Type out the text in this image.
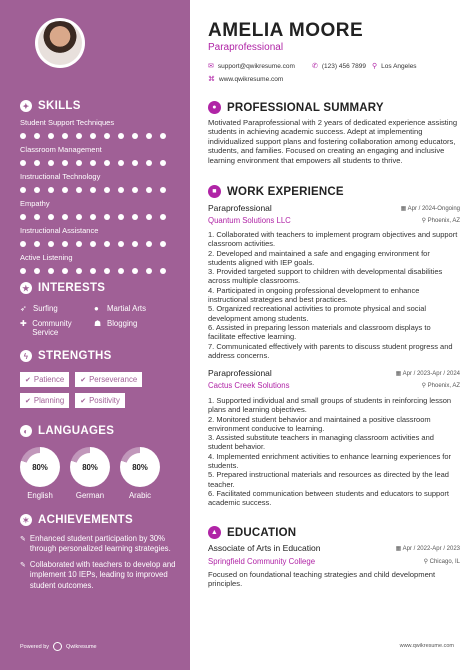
✦ SKILLS
Student Support Techniques
Classroom Management
Instructional Technology
Empathy
Instructional Assistance
Active Listening
★ INTERESTS
➶ Surfing	●	Martial Arts
✚ Community Service
☗ Blogging
ϟ STRENGTHS
✔ Patience ✔ Perseverance
✔ Planning ✔ Positivity
◐ LANGUAGES
80%
English
80%
German
80%
Arabic
✶ ACHIEVEMENTS
✎ Enhanced student participation by 30% through personalized learning strategies.
✎ Collaborated with teachers to develop and implement 10 IEPs, leading to improved student outcomes.
Powered by	Qwikresume
AMELIA MOORE
Paraprofessional
✉ support@qwikresume.com ✆ (123) 456 7899 ⚲ Los Angeles
⌘ www.qwikresume.com
● PROFESSIONAL SUMMARY
Motivated Paraprofessional with 2 years of dedicated experience assisting students in achieving academic success. Adept at implementing individualized support plans and fostering collaboration among educators, students, and families. Focused on creating an engaging and inclusive learning environment that empowers all students to thrive.
■ WORK EXPERIENCE
Paraprofessional	▦ Apr / 2024-Ongoing
Quantum Solutions LLC	⚲ Phoenix, AZ
1. Collaborated with teachers to implement program objectives and support classroom activities.
2. Developed and maintained a safe and engaging environment for students aligned with IEP goals.
3. Provided targeted support to children with developmental disabilities across multiple classrooms.
4. Participated in ongoing professional development to enhance instructional strategies and best practices.
5. Organized recreational activities to promote physical and social development among students.
6. Assisted in preparing lesson materials and classroom displays to facilitate effective learning.
7. Communicated effectively with parents to discuss student progress and address concerns.
Paraprofessional	▦ Apr / 2023-Apr / 2024
Cactus Creek Solutions	⚲ Phoenix, AZ
1. Supported individual and small groups of students in reinforcing lesson plans and learning objectives.
2. Monitored student behavior and maintained a positive classroom environment conducive to learning.
3. Assisted substitute teachers in managing classroom activities and student behavior.
4. Implemented enrichment activities to enhance learning experiences for students.
5. Prepared instructional materials and resources as directed by the lead teacher.
6. Facilitated communication between students and educators to support academic success.
▲ EDUCATION
Associate of Arts in Education	▦ Apr / 2022-Apr / 2023
Springfield Community College	⚲ Chicago, IL
Focused on foundational teaching strategies and child development principles.
www.qwikresume.com
